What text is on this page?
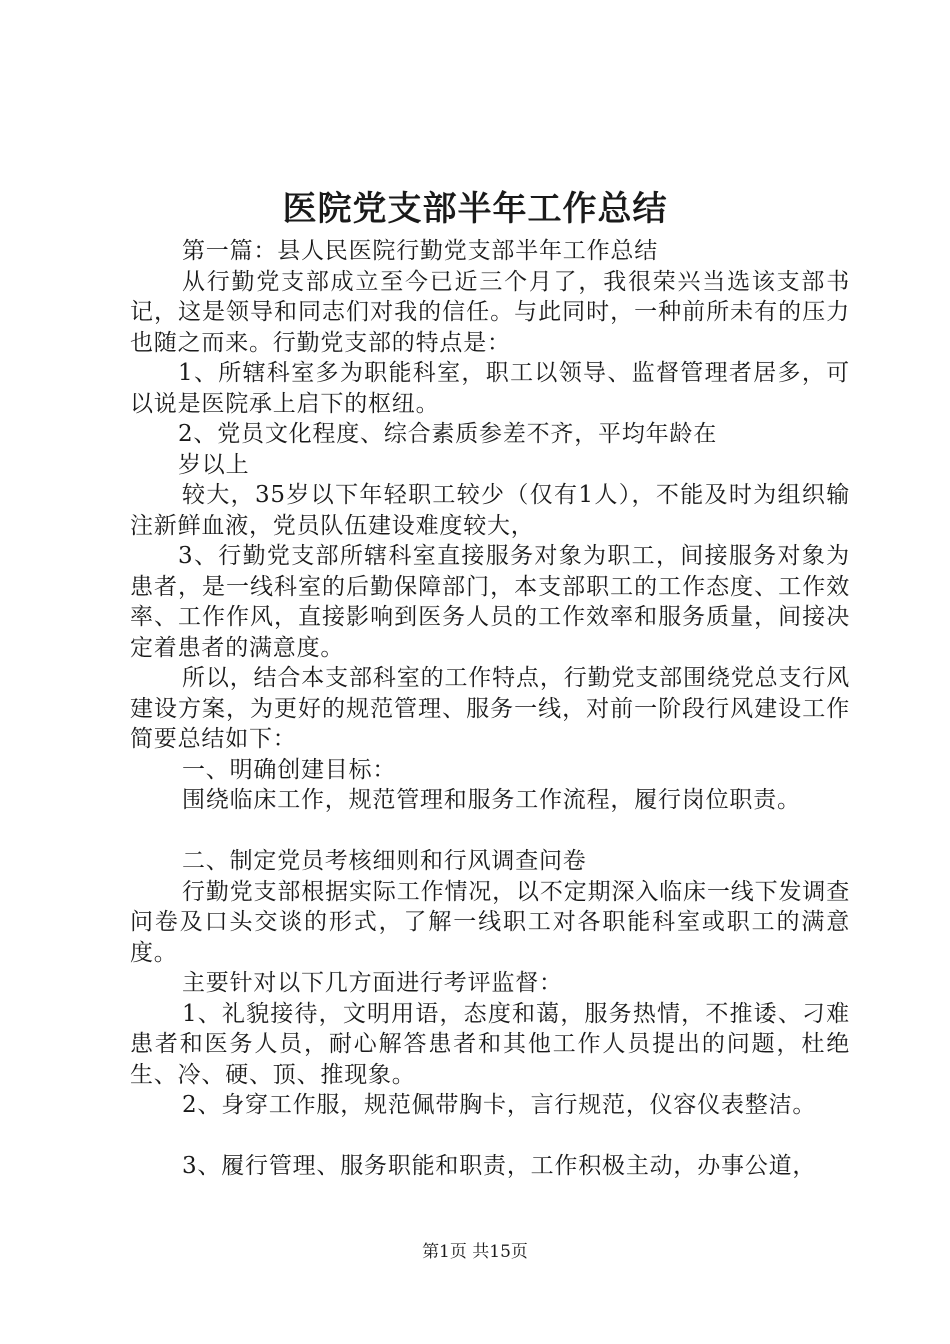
医院党支部半年工作总结

第一篇：县人民医院行勤党支部半年工作总结

从行勤党支部成立至今已近三个月了，我很荣兴当选该支部书记，这是领导和同志们对我的信任。与此同时，一种前所未有的压力也随之而来。行勤党支部的特点是：

1、所辖科室多为职能科室，职工以领导、监督管理者居多，可以说是医院承上启下的枢纽。

2、党员文化程度、综合素质参差不齐，平均年龄在

岁以上

较大，35岁以下年轻职工较少（仅有1人），不能及时为组织输注新鲜血液，党员队伍建设难度较大，

3、行勤党支部所辖科室直接服务对象为职工，间接服务对象为患者，是一线科室的后勤保障部门，本支部职工的工作态度、工作效率、工作作风，直接影响到医务人员的工作效率和服务质量，间接决定着患者的满意度。

所以，结合本支部科室的工作特点，行勤党支部围绕党总支行风建设方案，为更好的规范管理、服务一线，对前一阶段行风建设工作简要总结如下：

一、明确创建目标：

围绕临床工作，规范管理和服务工作流程，履行岗位职责。

二、制定党员考核细则和行风调查问卷

行勤党支部根据实际工作情况，以不定期深入临床一线下发调查问卷及口头交谈的形式，了解一线职工对各职能科室或职工的满意度。

主要针对以下几方面进行考评监督：

1、礼貌接待，文明用语，态度和蔼，服务热情，不推诿、刁难患者和医务人员，耐心解答患者和其他工作人员提出的问题，杜绝生、冷、硬、顶、推现象。

2、身穿工作服，规范佩带胸卡，言行规范，仪容仪表整洁。

3、履行管理、服务职能和职责，工作积极主动，办事公道，

第1页 共15页
